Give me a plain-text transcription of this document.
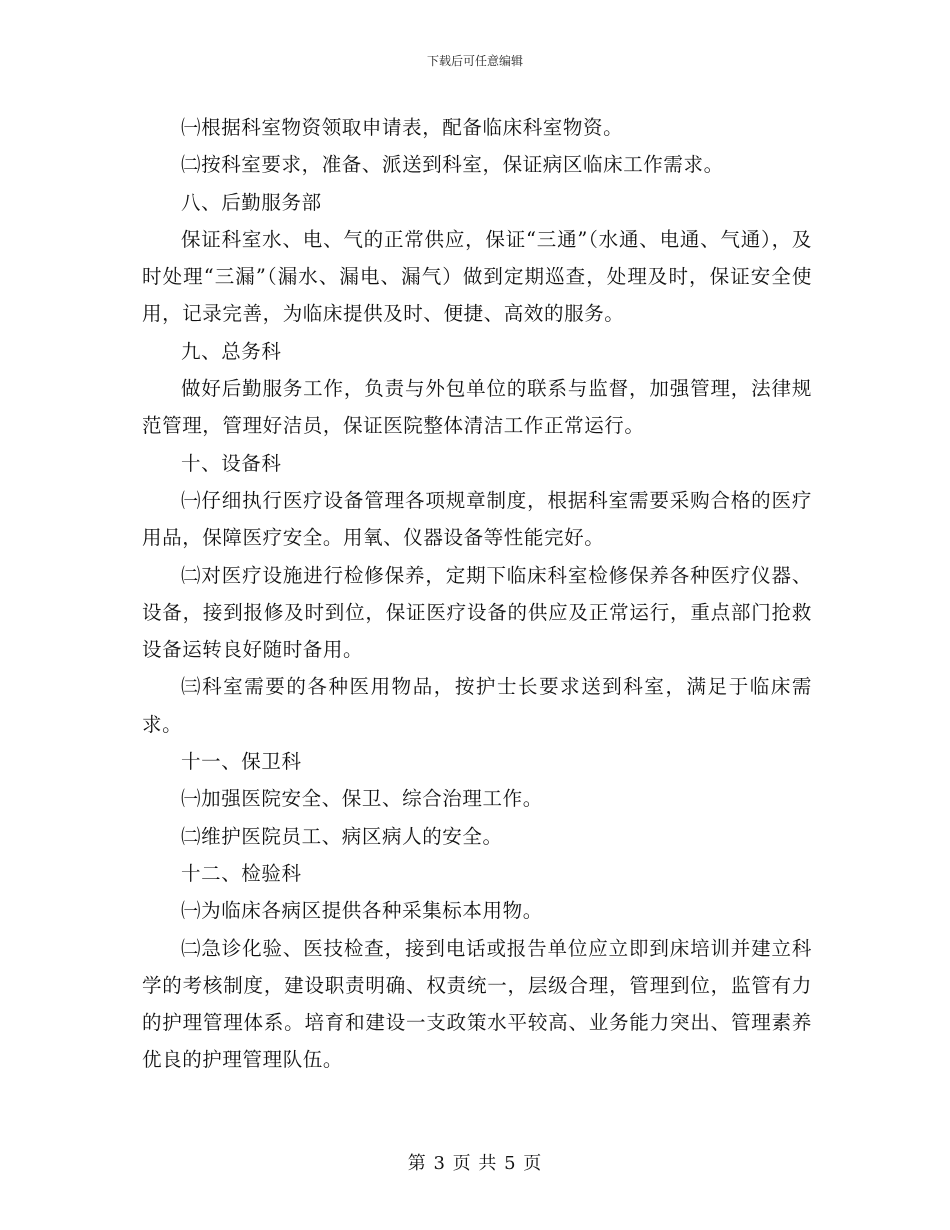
下载后可任意编辑

㈠根据科室物资领取申请表，配备临床科室物资。

㈡按科室要求，准备、派送到科室，保证病区临床工作需求。

八、后勤服务部

保证科室水、电、气的正常供应，保证“三通”（水通、电通、气通），及时处理“三漏”（漏水、漏电、漏气）做到定期巡查，处理及时，保证安全使用，记录完善，为临床提供及时、便捷、高效的服务。

九、总务科

做好后勤服务工作，负责与外包单位的联系与监督，加强管理，法律规范管理，管理好洁员，保证医院整体清洁工作正常运行。

十、设备科

㈠仔细执行医疗设备管理各项规章制度，根据科室需要采购合格的医疗用品，保障医疗安全。用氧、仪器设备等性能完好。

㈡对医疗设施进行检修保养，定期下临床科室检修保养各种医疗仪器、设备，接到报修及时到位，保证医疗设备的供应及正常运行，重点部门抢救设备运转良好随时备用。

㈢科室需要的各种医用物品，按护士长要求送到科室，满足于临床需求。

十一、保卫科

㈠加强医院安全、保卫、综合治理工作。

㈡维护医院员工、病区病人的安全。

十二、检验科

㈠为临床各病区提供各种采集标本用物。

㈡急诊化验、医技检查，接到电话或报告单位应立即到床培训并建立科学的考核制度，建设职责明确、权责统一，层级合理，管理到位，监管有力的护理管理体系。培育和建设一支政策水平较高、业务能力突出、管理素养优良的护理管理队伍。

第 3 页 共 5 页
